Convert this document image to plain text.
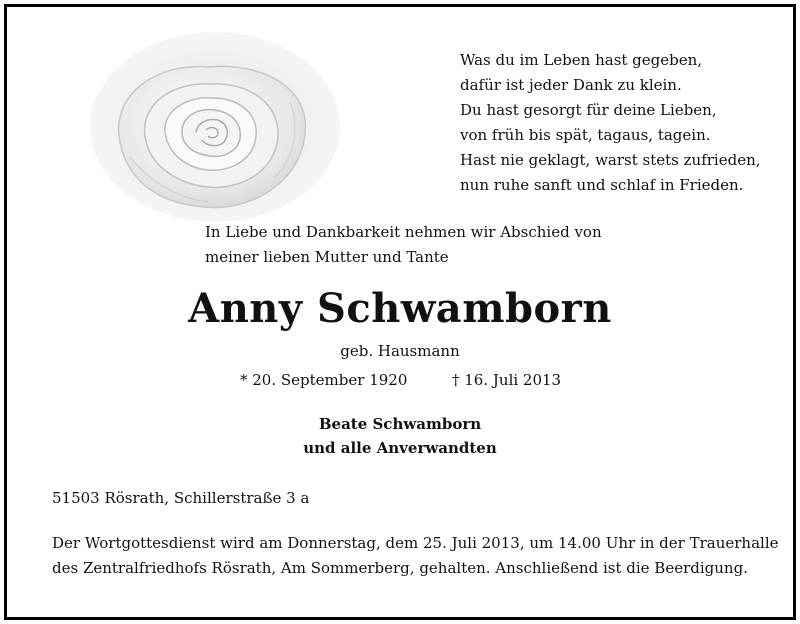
Was du im Leben hast gegeben,
dafür ist jeder Dank zu klein.
Du hast gesorgt für deine Lieben,
von früh bis spät, tagaus, tagein.
Hast nie geklagt, warst stets zufrieden,
nun ruhe sanft und schlaf in Frieden.
In Liebe und Dankbarkeit nehmen wir Abschied von
meiner lieben Mutter und Tante
Anny Schwamborn
geb. Hausmann
* 20. September 1920	† 16. Juli 2013
Beate Schwamborn
und alle Anverwandten
51503 Rösrath, Schillerstraße 3 a
Der Wortgottesdienst wird am Donnerstag, dem 25. Juli 2013, um 14.00 Uhr in der Trauerhalle
des Zentralfriedhofs Rösrath, Am Sommerberg, gehalten. Anschließend ist die Beerdigung.
